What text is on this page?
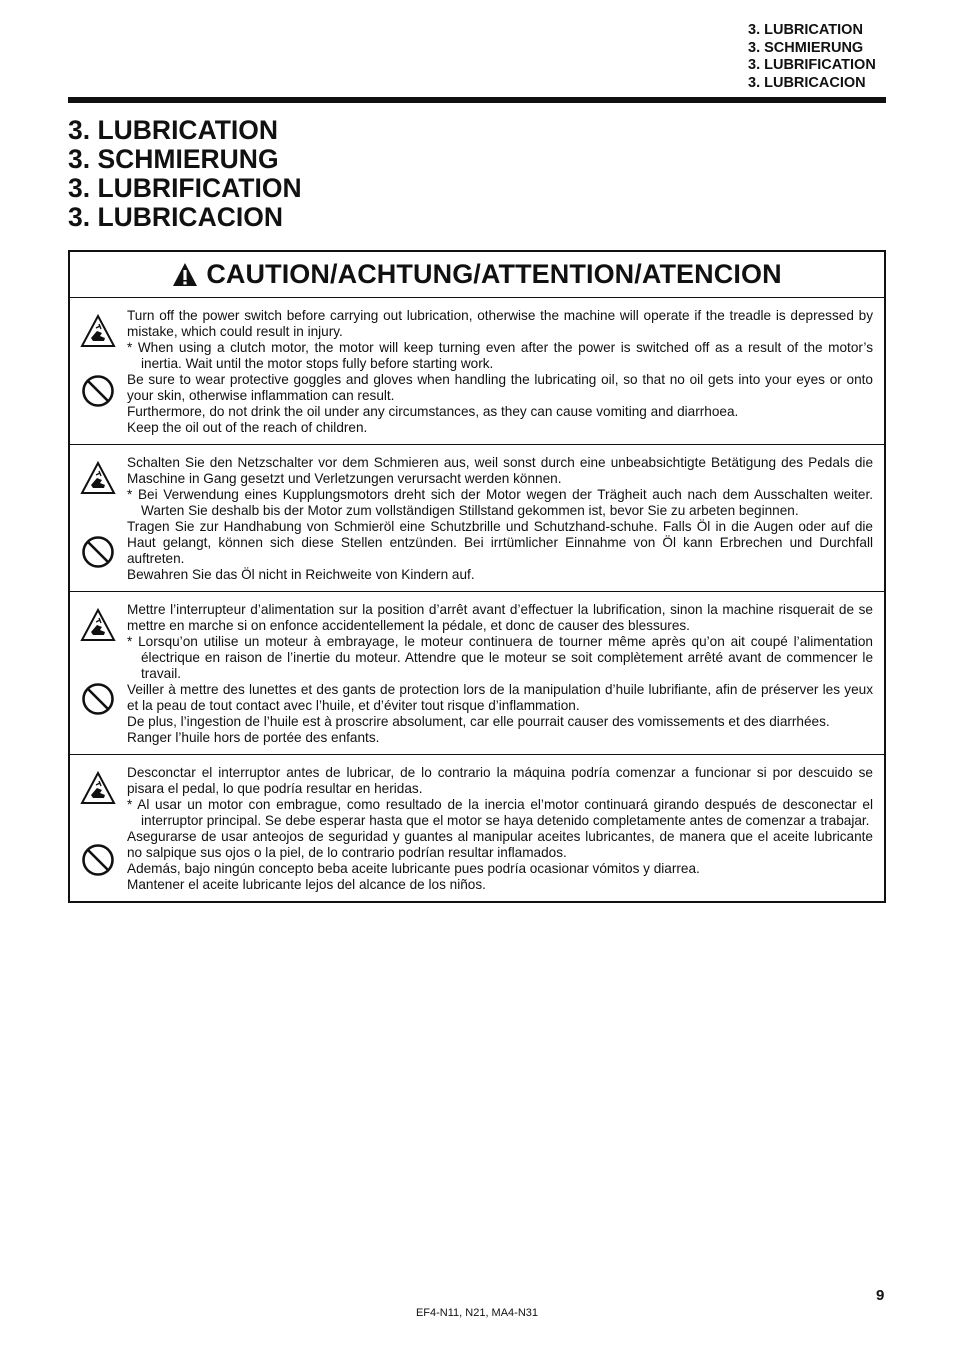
3. LUBRICATION
3. SCHMIERUNG
3. LUBRIFICATION
3. LUBRICACION
3. LUBRICATION
3. SCHMIERUNG
3. LUBRIFICATION
3. LUBRICACION
CAUTION/ACHTUNG/ATTENTION/ATENCION

Turn off the power switch before carrying out lubrication, otherwise the machine will operate if the treadle is depressed by mistake, which could result in injury.

* When using a clutch motor, the motor will keep turning even after the power is switched off as a result of the motor’s inertia. Wait until the motor stops fully before starting work.

Be sure to wear protective goggles and gloves when handling the lubricating oil, so that no oil gets into your eyes or onto your skin, otherwise inflammation can result.

Furthermore, do not drink the oil under any circumstances, as they can cause vomiting and diarrhoea.

Keep the oil out of the reach of children.

Schalten Sie den Netzschalter vor dem Schmieren aus, weil sonst durch eine unbeabsichtigte Betätigung des Pedals die Maschine in Gang gesetzt und Verletzungen verursacht werden können.

* Bei Verwendung eines Kupplungsmotors dreht sich der Motor wegen der Trägheit auch nach dem Ausschalten weiter. Warten Sie deshalb bis der Motor zum vollständigen Stillstand gekommen ist, bevor Sie zu arbeten beginnen.

Tragen Sie zur Handhabung von Schmieröl eine Schutzbrille und Schutzhand-schuhe. Falls Öl in die Augen oder auf die Haut gelangt, können sich diese Stellen entzünden. Bei irrtümlicher Einnahme von Öl kann Erbrechen und Durchfall auftreten.

Bewahren Sie das Öl nicht in Reichweite von Kindern auf.

Mettre l’interrupteur d’alimentation sur la position d’arrêt avant d’effectuer la lubrification, sinon la machine risquerait de se mettre en marche si on enfonce accidentellement la pédale, et donc de causer des blessures.

* Lorsqu’on utilise un moteur à embrayage, le moteur continuera de tourner même après qu’on ait coupé l’alimentation électrique en raison de l’inertie du moteur. Attendre que le moteur se soit complètement arrêté avant de commencer le travail.

Veiller à mettre des lunettes et des gants de protection lors de la manipulation d’huile lubrifiante, afin de préserver les yeux et la peau de tout contact avec l’huile, et d’éviter tout risque d’inflammation.

De plus, l’ingestion de l’huile est à proscrire absolument, car elle pourrait causer des vomissements et des diarrhées.

Ranger l’huile hors de portée des enfants.

Desconctar el interruptor antes de lubricar, de lo contrario la máquina podría comenzar a funcionar si por descuido se pisara el pedal, lo que podría resultar en heridas.

* Al usar un motor con embrague, como resultado de la inercia el’motor continuará girando después de desconectar el interruptor principal. Se debe esperar hasta que el motor se haya detenido completamente antes de comenzar a trabajar.

Asegurarse de usar anteojos de seguridad y guantes al manipular aceites lubricantes, de manera que el aceite lubricante no salpique sus ojos o la piel, de lo contrario podrían resultar inflamados.

Además, bajo ningún concepto beba aceite lubricante pues podría ocasionar vómitos y diarrea.

Mantener el aceite lubricante lejos del alcance de los niños.

9
EF4-N11, N21, MA4-N31
